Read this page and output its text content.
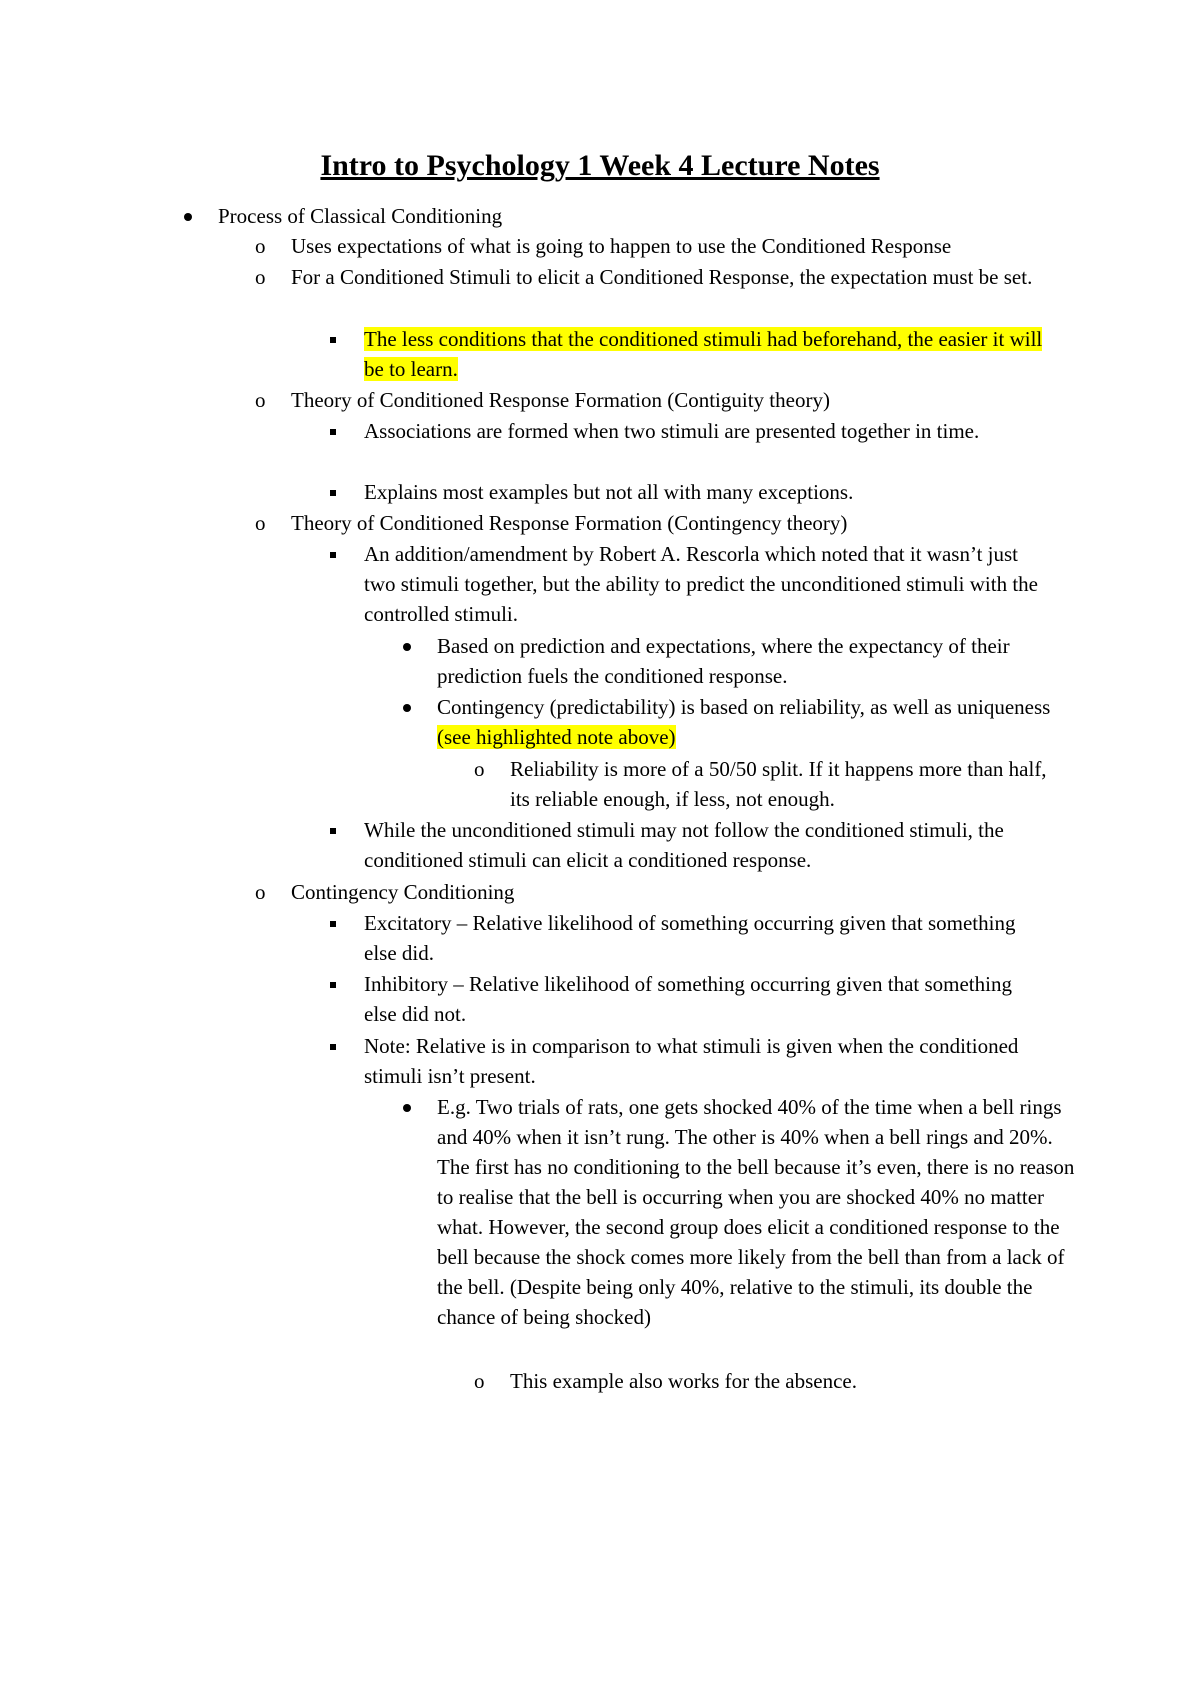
Intro to Psychology 1 Week 4 Lecture Notes
Process of Classical Conditioning
o Uses expectations of what is going to happen to use the Conditioned Response
o For a Conditioned Stimuli to elicit a Conditioned Response, the expectation must be set.
The less conditions that the conditioned stimuli had beforehand, the easier it will be to learn.
o Theory of Conditioned Response Formation (Contiguity theory)
Associations are formed when two stimuli are presented together in time.
Explains most examples but not all with many exceptions.
o Theory of Conditioned Response Formation (Contingency theory)
An addition/amendment by Robert A. Rescorla which noted that it wasn’t just two stimuli together, but the ability to predict the unconditioned stimuli with the controlled stimuli.
Based on prediction and expectations, where the expectancy of their prediction fuels the conditioned response.
Contingency (predictability) is based on reliability, as well as uniqueness (see highlighted note above)
o Reliability is more of a 50/50 split. If it happens more than half, its reliable enough, if less, not enough.
While the unconditioned stimuli may not follow the conditioned stimuli, the conditioned stimuli can elicit a conditioned response.
o Contingency Conditioning
Excitatory – Relative likelihood of something occurring given that something else did.
Inhibitory – Relative likelihood of something occurring given that something else did not.
Note: Relative is in comparison to what stimuli is given when the conditioned stimuli isn’t present.
E.g. Two trials of rats, one gets shocked 40% of the time when a bell rings and 40% when it isn’t rung. The other is 40% when a bell rings and 20%. The first has no conditioning to the bell because it’s even, there is no reason to realise that the bell is occurring when you are shocked 40% no matter what. However, the second group does elicit a conditioned response to the bell because the shock comes more likely from the bell than from a lack of the bell. (Despite being only 40%, relative to the stimuli, its double the chance of being shocked)
o This example also works for the absence.
